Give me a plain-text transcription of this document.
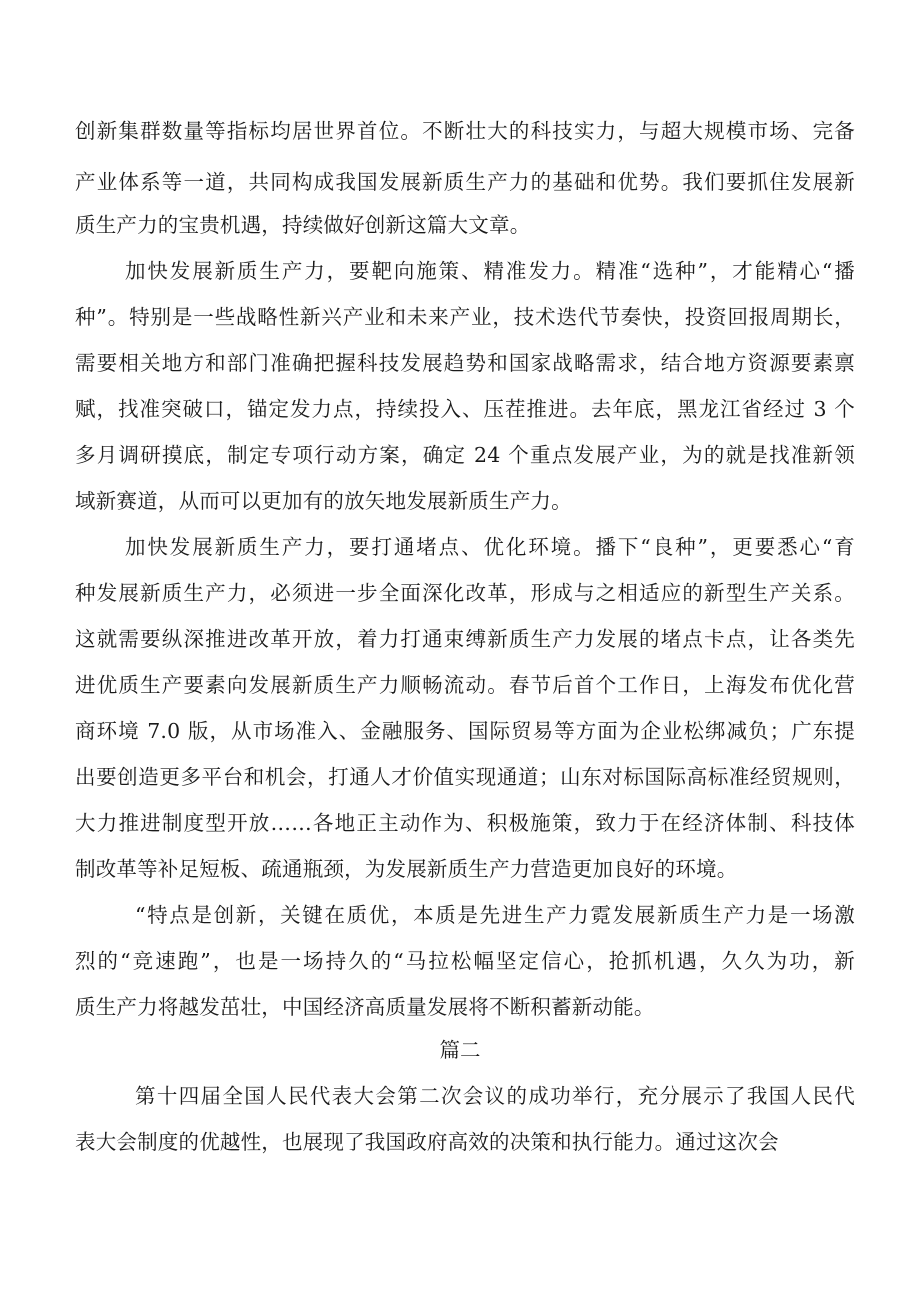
创新集群数量等指标均居世界首位。不断壮大的科技实力，与超大规模市场、完备
产业体系等一道，共同构成我国发展新质生产力的基础和优势。我们要抓住发展新
质生产力的宝贵机遇，持续做好创新这篇大文章。
加快发展新质生产力，要靶向施策、精准发力。精准“选种”，才能精心“播
种”。特别是一些战略性新兴产业和未来产业，技术迭代节奏快，投资回报周期长，
需要相关地方和部门准确把握科技发展趋势和国家战略需求，结合地方资源要素禀
赋，找准突破口，锚定发力点，持续投入、压茬推进。去年底，黑龙江省经过 3 个
多月调研摸底，制定专项行动方案，确定 24 个重点发展产业，为的就是找准新领
域新赛道，从而可以更加有的放矢地发展新质生产力。
加快发展新质生产力，要打通堵点、优化环境。播下“良种”，更要悉心“育
种发展新质生产力，必须进一步全面深化改革，形成与之相适应的新型生产关系。
这就需要纵深推进改革开放，着力打通束缚新质生产力发展的堵点卡点，让各类先
进优质生产要素向发展新质生产力顺畅流动。春节后首个工作日，上海发布优化营
商环境 7.0 版，从市场准入、金融服务、国际贸易等方面为企业松绑减负；广东提
出要创造更多平台和机会，打通人才价值实现通道；山东对标国际高标准经贸规则，
大力推进制度型开放……各地正主动作为、积极施策，致力于在经济体制、科技体
制改革等补足短板、疏通瓶颈，为发展新质生产力营造更加良好的环境。
“特点是创新，关键在质优，本质是先进生产力霓发展新质生产力是一场激
烈的“竞速跑”，也是一场持久的“马拉松幅坚定信心，抢抓机遇，久久为功，新
质生产力将越发茁壮，中国经济高质量发展将不断积蓄新动能。
篇二
第十四届全国人民代表大会第二次会议的成功举行，充分展示了我国人民代
表大会制度的优越性，也展现了我国政府高效的决策和执行能力。通过这次会
